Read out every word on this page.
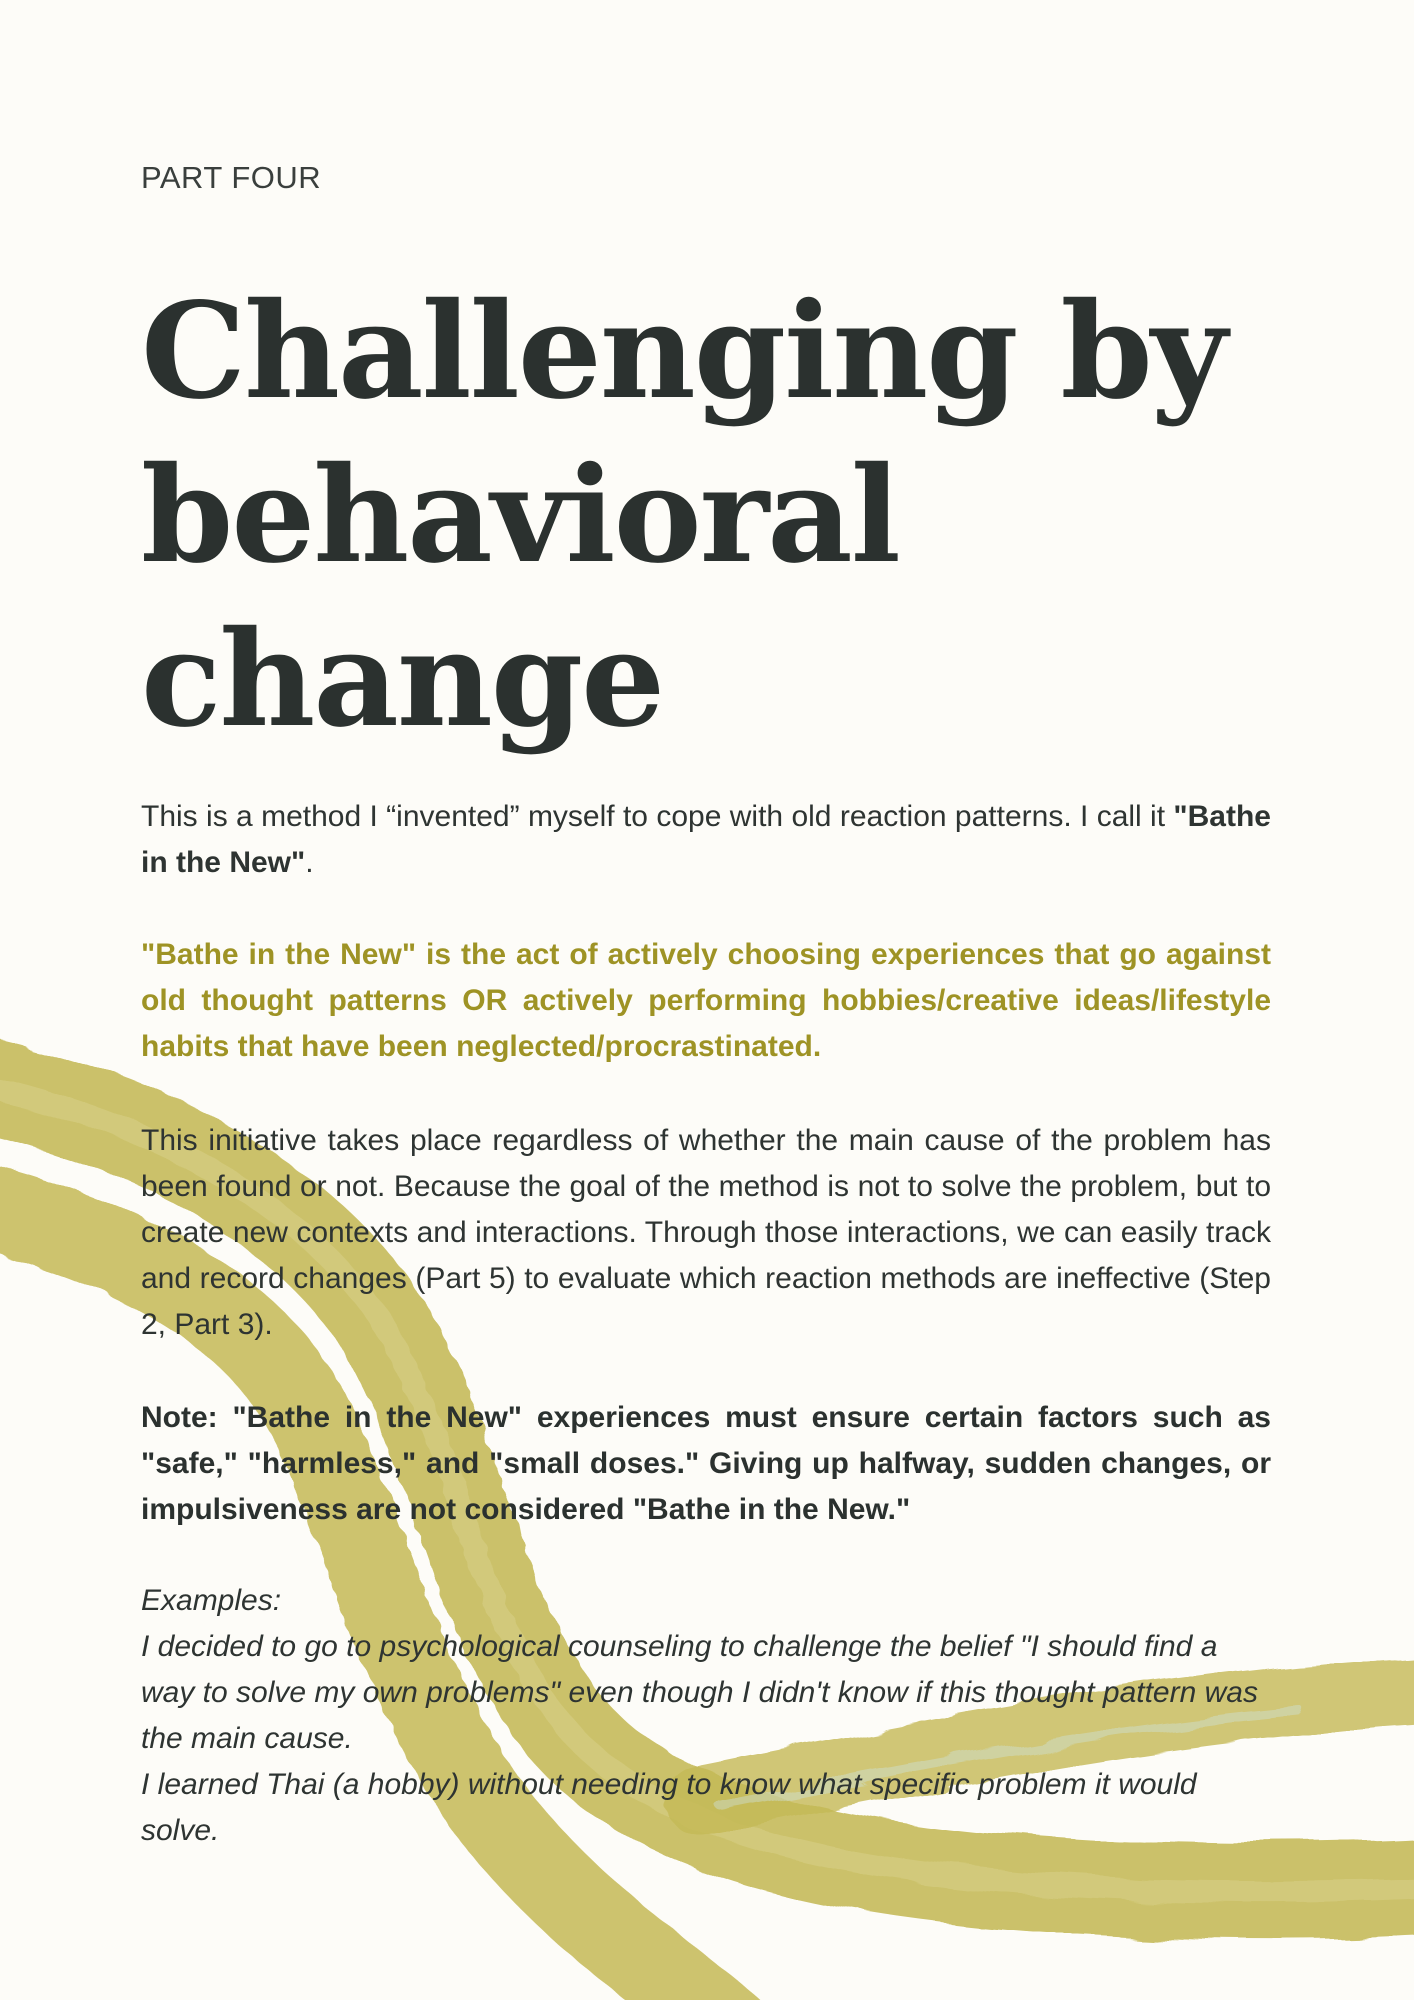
PART FOUR
Challenging by
behavioral
change

This is a method I “invented” myself to cope with old reaction patterns. I call it "Bathe in the New".

"Bathe in the New" is the act of actively choosing experiences that go against old thought patterns OR actively performing hobbies/creative ideas/lifestyle habits that have been neglected/procrastinated.

This initiative takes place regardless of whether the main cause of the problem has been found or not. Because the goal of the method is not to solve the problem, but to create new contexts and interactions. Through those interactions, we can easily track and record changes (Part 5) to evaluate which reaction methods are ineffective (Step 2, Part 3).

Note: "Bathe in the New" experiences must ensure certain factors such as "safe," "harmless," and "small doses." Giving up halfway, sudden changes, or impulsiveness are not considered "Bathe in the New."

Examples:
I decided to go to psychological counseling to challenge the belief "I should find a way to solve my own problems" even though I didn't know if this thought pattern was the main cause.
I learned Thai (a hobby) without needing to know what specific problem it would solve.
